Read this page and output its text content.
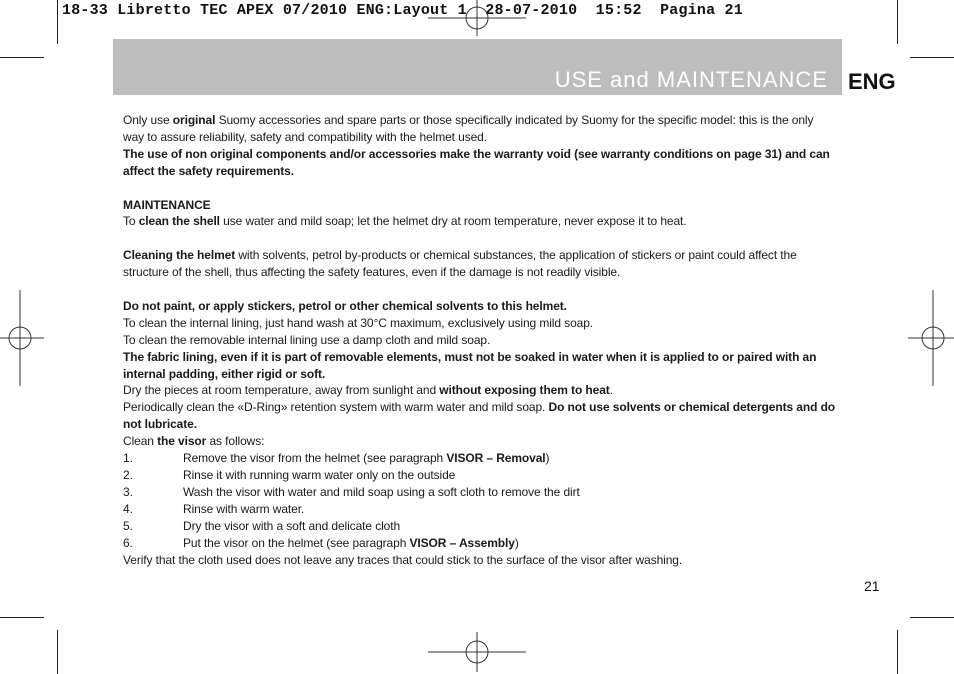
18-33 Libretto TEC APEX 07/2010 ENG:Layout 1  28-07-2010  15:52  Pagina 21
USE and MAINTENANCE ENG

Only use original Suomy accessories and spare parts or those specifically indicated by Suomy for the specific model: this is the only way to assure reliability, safety and compatibility with the helmet used.

The use of non original components and/or accessories make the warranty void (see warranty conditions on page 31) and can affect the safety requirements.

MAINTENANCE

To clean the shell use water and mild soap; let the helmet dry at room temperature, never expose it to heat.

Cleaning the helmet with solvents, petrol by-products or chemical substances, the application of stickers or paint could affect the structure of the shell, thus affecting the safety features, even if the damage is not readily visible.

Do not paint, or apply stickers, petrol or other chemical solvents to this helmet.

To clean the internal lining, just hand wash at 30°C maximum, exclusively using mild soap.

To clean the removable internal lining use a damp cloth and mild soap.

The fabric lining, even if it is part of removable elements, must not be soaked in water when it is applied to or paired with an internal padding, either rigid or soft.

Dry the pieces at room temperature, away from sunlight and without exposing them to heat.

Periodically clean the «D-Ring» retention system with warm water and mild soap. Do not use solvents or chemical detergents and do not lubricate.

Clean the visor as follows:

1.	Remove the visor from the helmet (see paragraph VISOR – Removal)
2.	Rinse it with running warm water only on the outside
3.	Wash the visor with water and mild soap using a soft cloth to remove the dirt
4.	Rinse with warm water.
5.	Dry the visor with a soft and delicate cloth
6.	Put the visor on the helmet (see paragraph VISOR – Assembly)

Verify that the cloth used does not leave any traces that could stick to the surface of the visor after washing.

21
